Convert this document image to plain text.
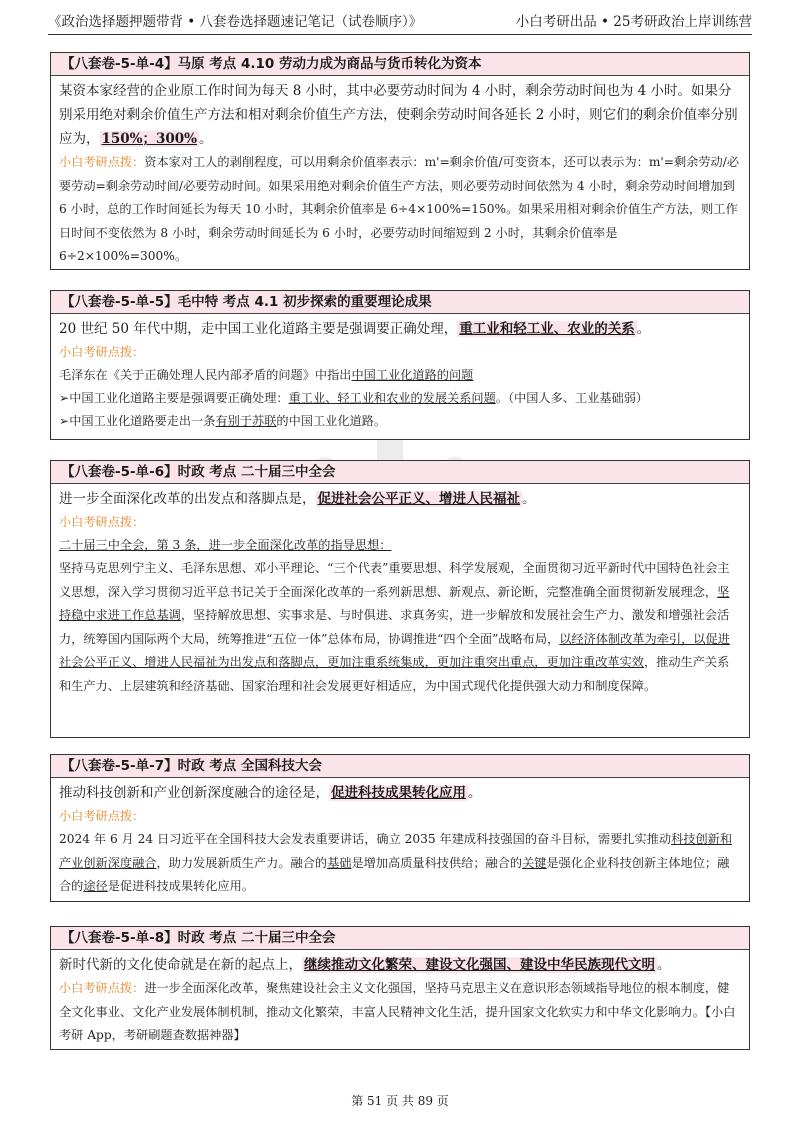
《政治选择题押题带背 • 八套卷选择题速记笔记（试卷顺序）》	小白考研出品 • 25考研政治上岸训练营
【八套卷-5-单-4】马原 考点 4.10 劳动力成为商品与货币转化为资本
某资本家经营的企业原工作时间为每天 8 小时，其中必要劳动时间为 4 小时，剩余劳动时间也为 4 小时。如果分别采用绝对剩余价值生产方法和相对剩余价值生产方法，使剩余劳动时间各延长 2 小时，则它们的剩余价值率分别应为， 150%；300% 。
小白考研点拨：资本家对工人的剥削程度，可以用剩余价值率表示：m'=剩余价值/可变资本，还可以表示为：m'=剩余劳动/必要劳动=剩余劳动时间/必要劳动时间。如果采用绝对剩余价值生产方法，则必要劳动时间依然为 4 小时，剩余劳动时间增加到 6 小时，总的工作时间延长为每天 10 小时，其剩余价值率是 6÷4×100%=150%。如果采用相对剩余价值生产方法，则工作日时间不变依然为 8 小时，剩余劳动时间延长为 6 小时，必要劳动时间缩短到 2 小时，其剩余价值率是 6÷2×100%=300%。
【八套卷-5-单-5】毛中特 考点 4.1 初步探索的重要理论成果
20 世纪 50 年代中期，走中国工业化道路主要是强调要正确处理， 重工业和轻工业、农业的关系 。
小白考研点拨：
毛泽东在《关于正确处理人民内部矛盾的问题》中指出中国工业化道路的问题
➢中国工业化道路主要是强调要正确处理：重工业、轻工业和农业的发展关系问题。（中国人多、工业基础弱）
➢中国工业化道路要走出一条有别于苏联的中国工业化道路。
【八套卷-5-单-6】时政 考点 二十届三中全会
进一步全面深化改革的出发点和落脚点是， 促进社会公平正义、增进人民福祉 。
小白考研点拨：
二十届三中全会，第 3 条，进一步全面深化改革的指导思想：
坚持马克思列宁主义、毛泽东思想、邓小平理论、“三个代表”重要思想、科学发展观，全面贯彻习近平新时代中国特色社会主义思想，深入学习贯彻习近平总书记关于全面深化改革的一系列新思想、新观点、新论断，完整准确全面贯彻新发展理念，坚持稳中求进工作总基调，坚持解放思想、实事求是、与时俱进、求真务实，进一步解放和发展社会生产力、激发和增强社会活力，统筹国内国际两个大局，统筹推进“五位一体”总体布局，协调推进“四个全面”战略布局，以经济体制改革为牵引，以促进社会公平正义、增进人民福祉为出发点和落脚点，更加注重系统集成，更加注重突出重点，更加注重改革实效，推动生产关系和生产力、上层建筑和经济基础、国家治理和社会发展更好相适应，为中国式现代化提供强大动力和制度保障。
【八套卷-5-单-7】时政 考点 全国科技大会
推动科技创新和产业创新深度融合的途径是， 促进科技成果转化应用 。
小白考研点拨：
2024 年 6 月 24 日习近平在全国科技大会发表重要讲话，确立 2035 年建成科技强国的奋斗目标，需要扎实推动科技创新和产业创新深度融合，助力发展新质生产力。融合的基础是增加高质量科技供给；融合的关键是强化企业科技创新主体地位；融合的途径是促进科技成果转化应用。
【八套卷-5-单-8】时政 考点 二十届三中全会
新时代新的文化使命就是在新的起点上， 继续推动文化繁荣、建设文化强国、建设中华民族现代文明 。
小白考研点拨：进一步全面深化改革，聚焦建设社会主义文化强国，坚持马克思主义在意识形态领域指导地位的根本制度，健全文化事业、文化产业发展体制机制，推动文化繁荣，丰富人民精神文化生活，提升国家文化软实力和中华文化影响力。【小白考研 App，考研刷题查数据神器】
第 51 页 共 89 页
